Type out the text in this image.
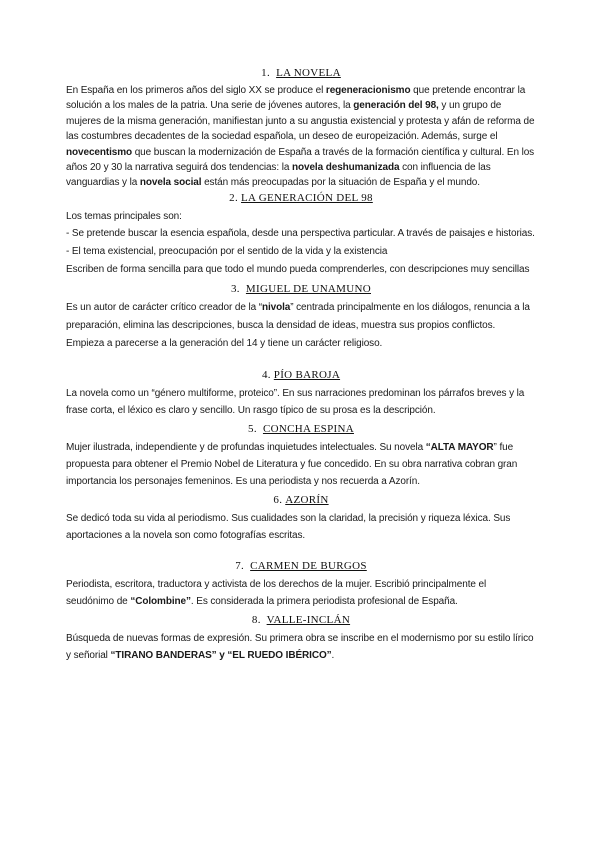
1. LA NOVELA

En España en los primeros años del siglo XX se produce el regeneracionismo que pretende encontrar la solución a los males de la patria. Una serie de jóvenes autores, la generación del 98, y un grupo de mujeres de la misma generación, manifiestan junto a su angustia existencial y protesta y afán de reforma de las costumbres decadentes de la sociedad española, un deseo de europeización. Además, surge el novecentismo que buscan la modernización de España a través de la formación científica y cultural. En los años 20 y 30 la narrativa seguirá dos tendencias: la novela deshumanizada con influencia de las vanguardias y la novela social están más preocupadas por la situación de España y el mundo.

2. LA GENERACIÓN DEL 98

Los temas principales son:

- Se pretende buscar la esencia española, desde una perspectiva particular. A través de paisajes e historias.

- El tema existencial, preocupación por el sentido de la vida y la existencia

Escriben de forma sencilla para que todo el mundo pueda comprenderles, con descripciones muy sencillas

3. MIGUEL DE UNAMUNO

Es un autor de carácter crítico creador de la “nivola” centrada principalmente en los diálogos, renuncia a la preparación, elimina las descripciones, busca la densidad de ideas, muestra sus propios conflictos. Empieza a parecerse a la generación del 14 y tiene un carácter religioso.

4. PÍO BAROJA

La novela como un “género multiforme, proteico”. En sus narraciones predominan los párrafos breves y la frase corta, el léxico es claro y sencillo. Un rasgo típico de su prosa es la descripción.

5. CONCHA ESPINA

Mujer ilustrada, independiente y de profundas inquietudes intelectuales. Su novela “ALTA MAYOR” fue propuesta para obtener el Premio Nobel de Literatura y fue concedido. En su obra narrativa cobran gran importancia los personajes femeninos. Es una periodista y nos recuerda a Azorín.

6. AZORÍN

Se dedicó toda su vida al periodismo. Sus cualidades son la claridad, la precisión y riqueza léxica. Sus aportaciones a la novela son como fotografías escritas.

7. CARMEN DE BURGOS

Periodista, escritora, traductora y activista de los derechos de la mujer. Escribió principalmente el seudónimo de “Colombine”. Es considerada la primera periodista profesional de España.

8. VALLE-INCLÁN

Búsqueda de nuevas formas de expresión. Su primera obra se inscribe en el modernismo por su estilo lírico y señorial “TIRANO BANDERAS” y “EL RUEDO IBÉRICO”.
